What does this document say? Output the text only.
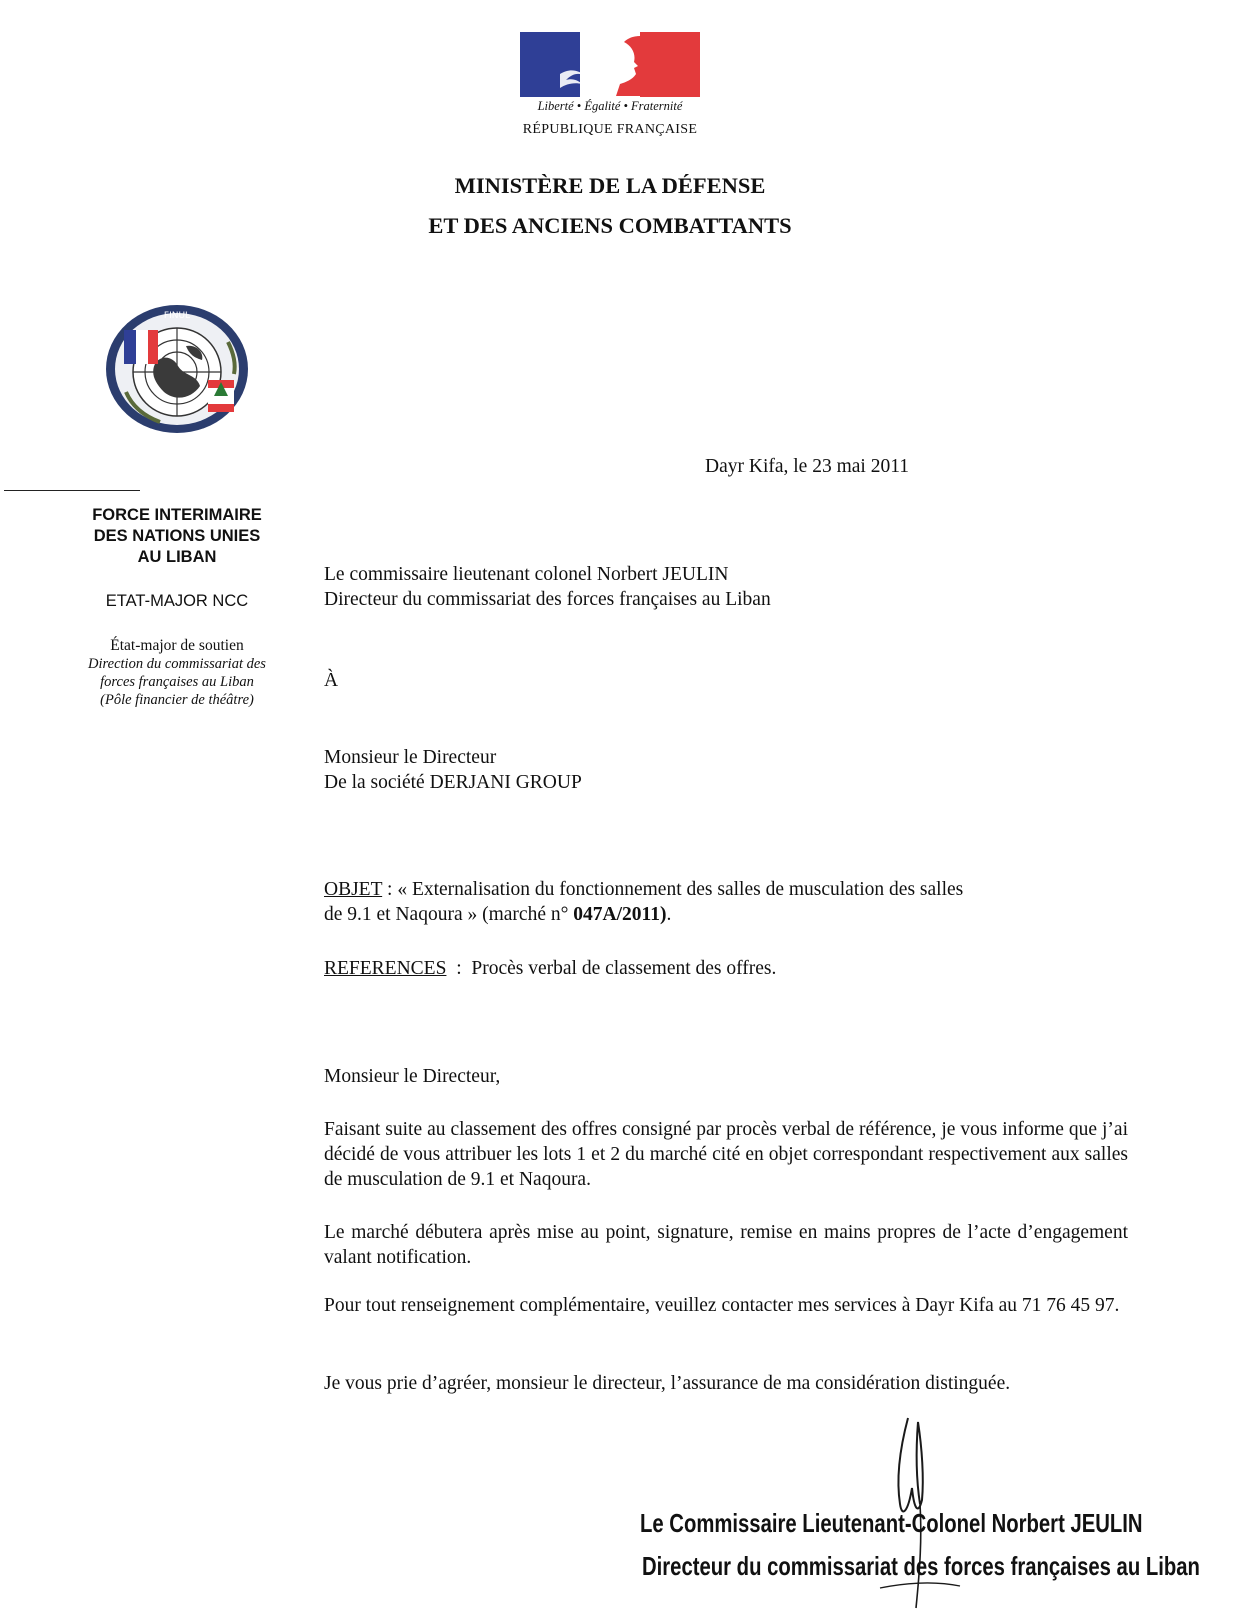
Liberté • Égalité • Fraternité
RÉPUBLIQUE FRANÇAISE
MINISTÈRE DE LA DÉFENSE
ET DES ANCIENS COMBATTANTS
FINUL
FORCE INTERIMAIRE
DES NATIONS UNIES
AU LIBAN
ETAT-MAJOR NCC
État-major de soutien
Direction du commissariat des
forces françaises au Liban
(Pôle financier de théâtre)
Dayr Kifa, le 23 mai 2011
Le commissaire lieutenant colonel Norbert JEULIN
Directeur du commissariat des forces françaises au Liban
À
Monsieur le Directeur
De la société DERJANI GROUP
OBJET : « Externalisation du fonctionnement des salles de musculation des salles
de 9.1 et Naqoura » (marché n° 047A/2011).
REFERENCES  :  Procès verbal de classement des offres.
Monsieur le Directeur,
Faisant suite au classement des offres consigné par procès verbal de référence, je vous informe que j’ai décidé de vous attribuer les lots 1 et 2 du marché cité en objet correspondant respectivement aux salles de musculation de 9.1 et Naqoura.
Le marché débutera après mise au point, signature, remise en mains propres de l’acte d’engagement valant notification.
Pour tout renseignement complémentaire, veuillez contacter mes services à Dayr Kifa au 71 76 45 97.
Je vous prie d’agréer, monsieur le directeur, l’assurance de ma considération distinguée.
Le Commissaire Lieutenant-Colonel Norbert JEULIN
Directeur du commissariat des forces françaises au Liban
